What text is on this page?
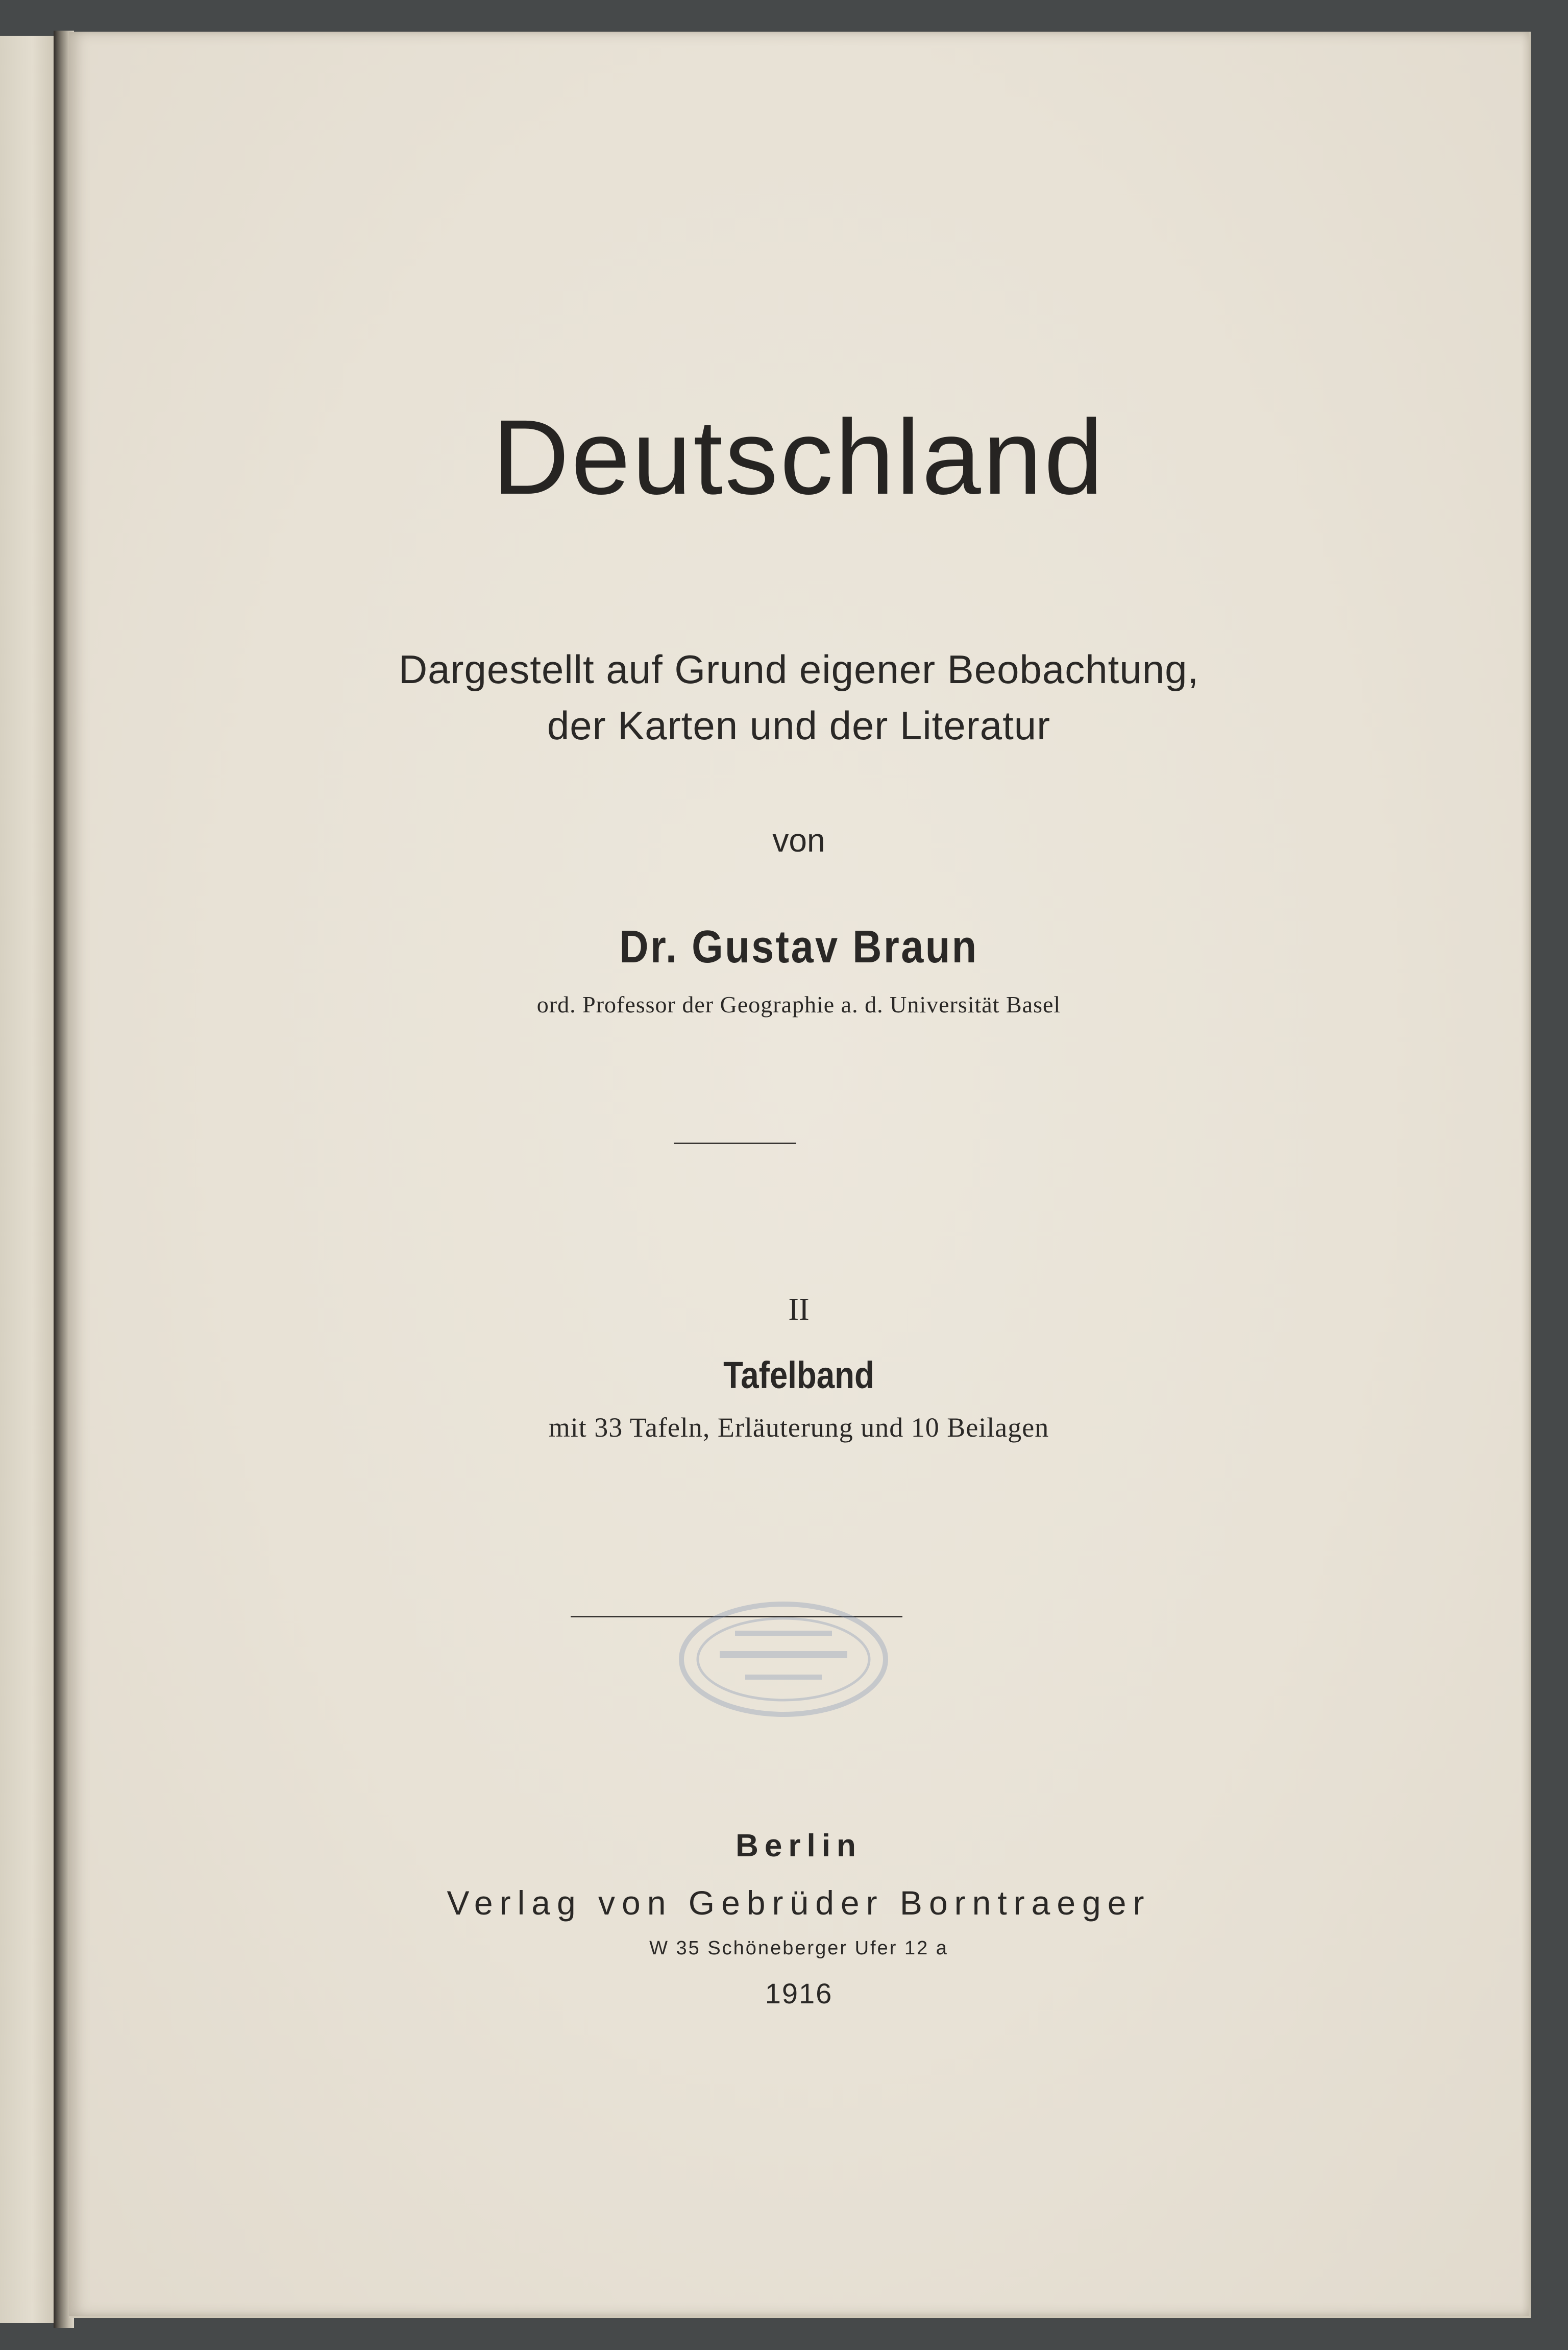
Deutschland
Dargestellt auf Grund eigener Beobachtung,
der Karten und der Literatur
von
Dr. Gustav Braun
ord. Professor der Geographie a. d. Universität Basel
II
Tafelband
mit 33 Tafeln, Erläuterung und 10 Beilagen
Berlin
Verlag von Gebrüder Borntraeger
W 35 Schöneberger Ufer 12 a
1916
